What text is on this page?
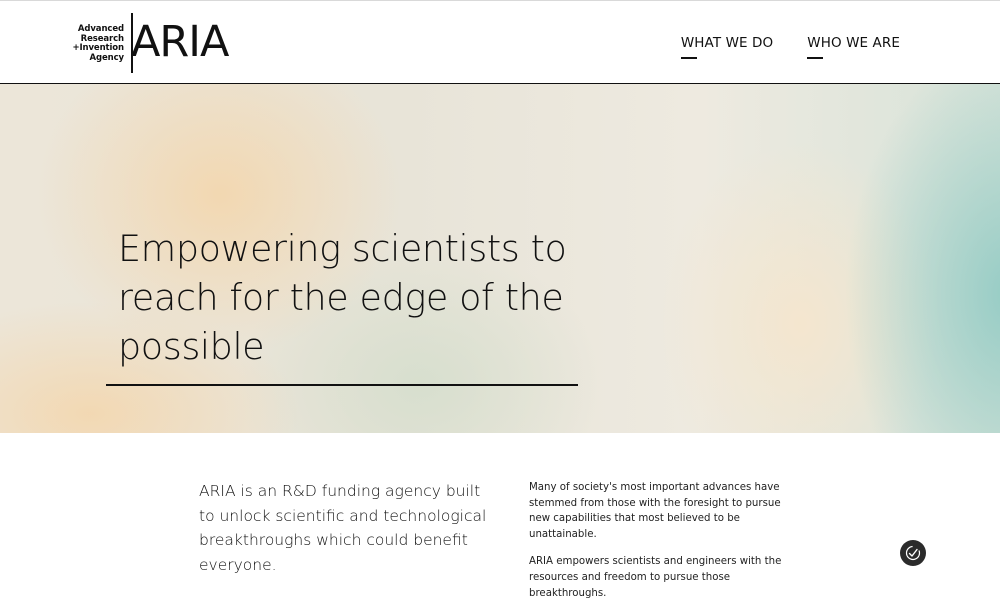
Advanced
Research
+Invention
Agency ARIA	WHAT WE DO	WHO WE ARE
Empowering scientists to reach for the edge of the possible

ARIA is an R&D funding agency built to unlock scientific and technological breakthroughs which could benefit everyone.

Many of society's most important advances have stemmed from those with the foresight to pursue new capabilities that most believed to be unattainable.

ARIA empowers scientists and engineers with the resources and freedom to pursue those breakthroughs.
